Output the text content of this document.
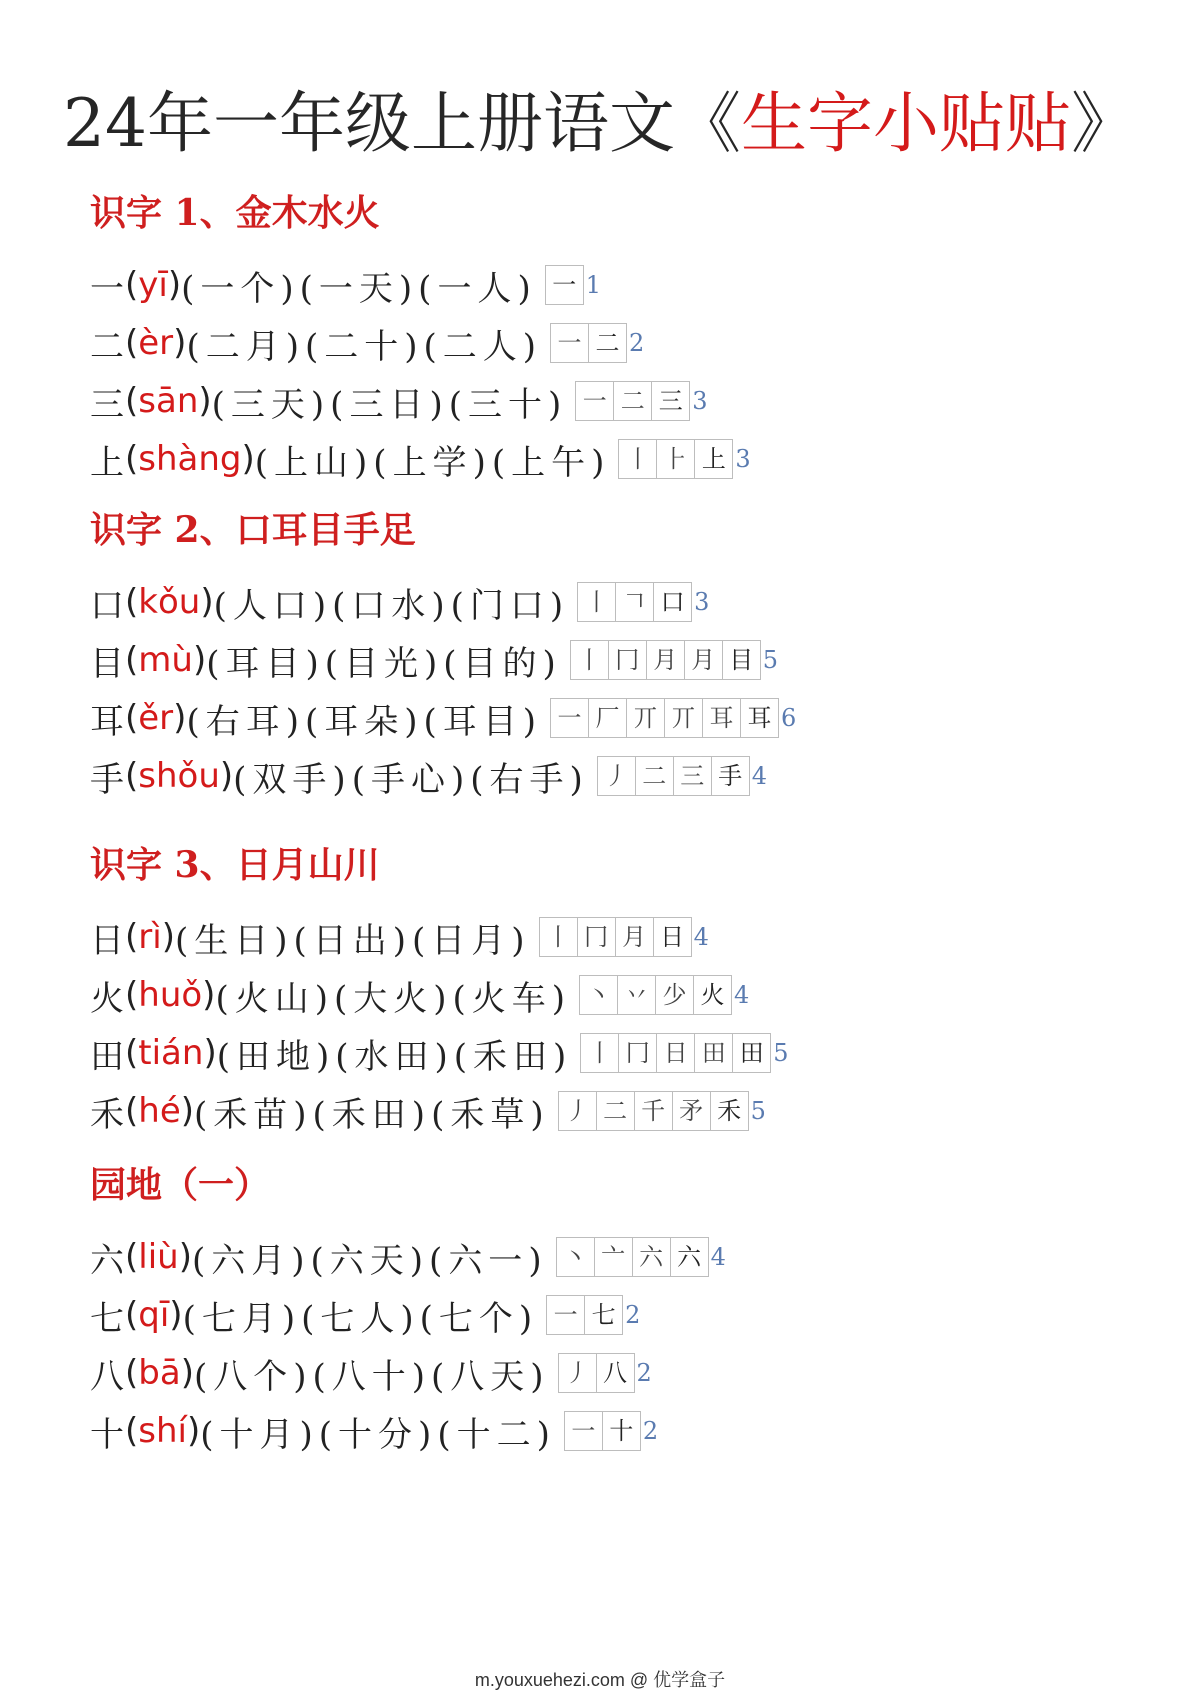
24年一年级上册语文《生字小贴贴》
识字 1、金木水火
一 ( yī ) (一个) (一天) (一人) 一 1
二 ( èr ) (二月) (二十) (二人) 一 二 2
三 ( sān ) (三天) (三日) (三十) 一 二 三 3
上 ( shàng ) (上山) (上学) (上午) 丨 ⺊ 上 3
识字 2、口耳目手足
口 ( kǒu ) (人口) (口水) (门口) 丨 𠃍 口 3
目 ( mù ) (耳目) (目光) (目的) 丨 冂 月 月 目 5
耳 ( ěr ) (右耳) (耳朵) (耳目) 一 厂 丌 丌 耳 耳 6
手 ( shǒu ) (双手) (手心) (右手) 丿 二 三 手 4
识字 3、日月山川
日 ( rì ) (生日) (日出) (日月) 丨 冂 月 日 4
火 ( huǒ ) (火山) (大火) (火车) 丶 丷 少 火 4
田 ( tián ) (田地) (水田) (禾田) 丨 冂 日 田 田 5
禾 ( hé ) (禾苗) (禾田) (禾草) 丿 二 千 矛 禾 5
园地（一）
六 ( liù ) (六月) (六天) (六一) 丶 亠 六 六 4
七 ( qī ) (七月) (七人) (七个) 一 七 2
八 ( bā ) (八个) (八十) (八天) 丿 八 2
十 ( shí ) (十月) (十分) (十二) 一 十 2
m.youxuehezi.com @ 优学盒子
